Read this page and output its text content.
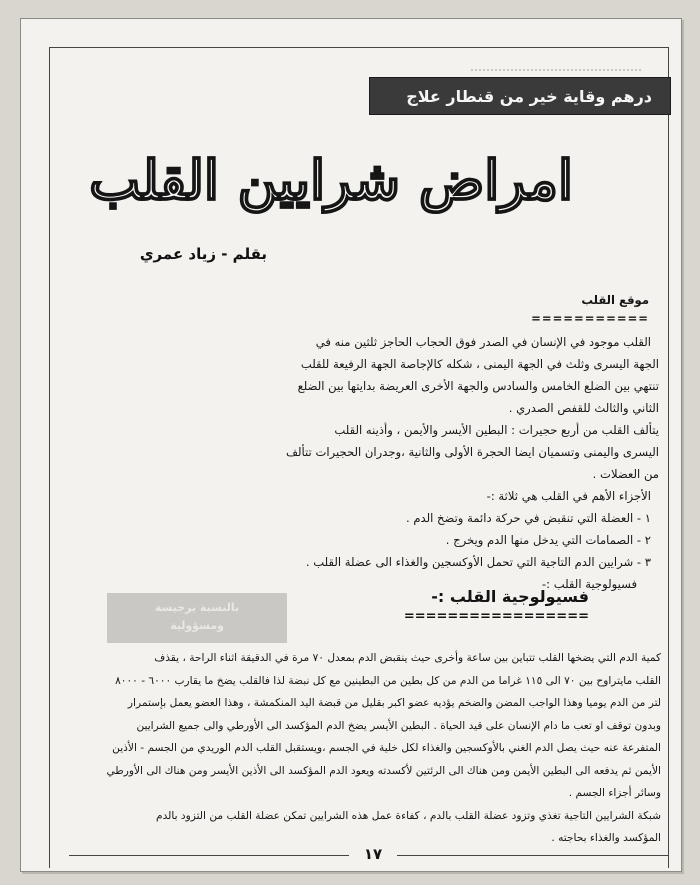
درهم وقاية خير من قنطار علاج
امراض شرايين القلب
بقلم - زياد عمري

موقع القلب

===========

القلب موجود في الإنسان في الصدر فوق الحجاب الحاجز ثلثين منه في

الجهة اليسرى وثلث في الجهة اليمنى ، شكله كالإجاصة الجهة الرفيعة للقلب

تنتهي بين الضلع الخامس والسادس والجهة الأخرى العريضة بدايتها بين الضلع

الثاني والثالث للقفص الصدري .

يتألف القلب من أربع حجيرات : البطين الأيسر والأيمن ، وأذينه القلب

اليسرى واليمنى وتسميان ايضا الحجرة الأولى والثانية ،وجدران الحجيرات تتألف

من العضلات .

الأجزاء الأهم في القلب هي ثلاثة :-

١ - العضلة التي تنقبض في حركة دائمة وتضخ الدم .

٢ - الصمامات التي يدخل منها الدم ويخرج .

٣ - شرايين الدم التاجية التي تحمل الأوكسجين والغذاء الى عضلة القلب .

فسيولوجية القلب :-

بالنسبة يرجيسة
ومسؤولية
فسيولوجية القلب :-
=================

كمية الدم التي يضخها القلب تتباين بين ساعة وأخرى حيث ينقبض الدم بمعدل ٧٠ مرة في الدقيقة اثناء الراحة ، يقذف

القلب مايتراوح بين ٧٠ الى ١١٥ غراما من الدم من كل بطين من البطينين مع كل نبضة لذا فالقلب يضخ ما يقارب ٦٠٠٠ - ٨٠٠٠

لتر من الدم يوميا وهذا الواجب المضن والضخم يؤديه عضو اكبر بقليل من قبضة اليد المنكمشة ، وهذا العضو يعمل بإستمرار

وبدون توقف او تعب ما دام الإنسان على قيد الحياة . البطين الأيسر يضخ الدم المؤكسد الى الأورطي والى جميع الشرايين

المتفرعة عنه حيث يصل الدم الغني بالأوكسجين والغذاء لكل خلية في الجسم ،ويستقبل القلب الدم الوريدي من الجسم - الأذين

الأيمن ثم يدفعه الى البطين الأيمن ومن هناك الى الرئتين لأكسدته ويعود الدم المؤكسد الى الأذين الأيسر ومن هناك الى الأورطي

وسائر أجزاء الجسم .

شبكة الشرايين التاجية تغذي وتزود عضلة القلب بالدم ، كفاءة عمل هذه الشرايين تمكن عضلة القلب من التزود بالدم

المؤكسد والغذاء بحاجته .

١٧
